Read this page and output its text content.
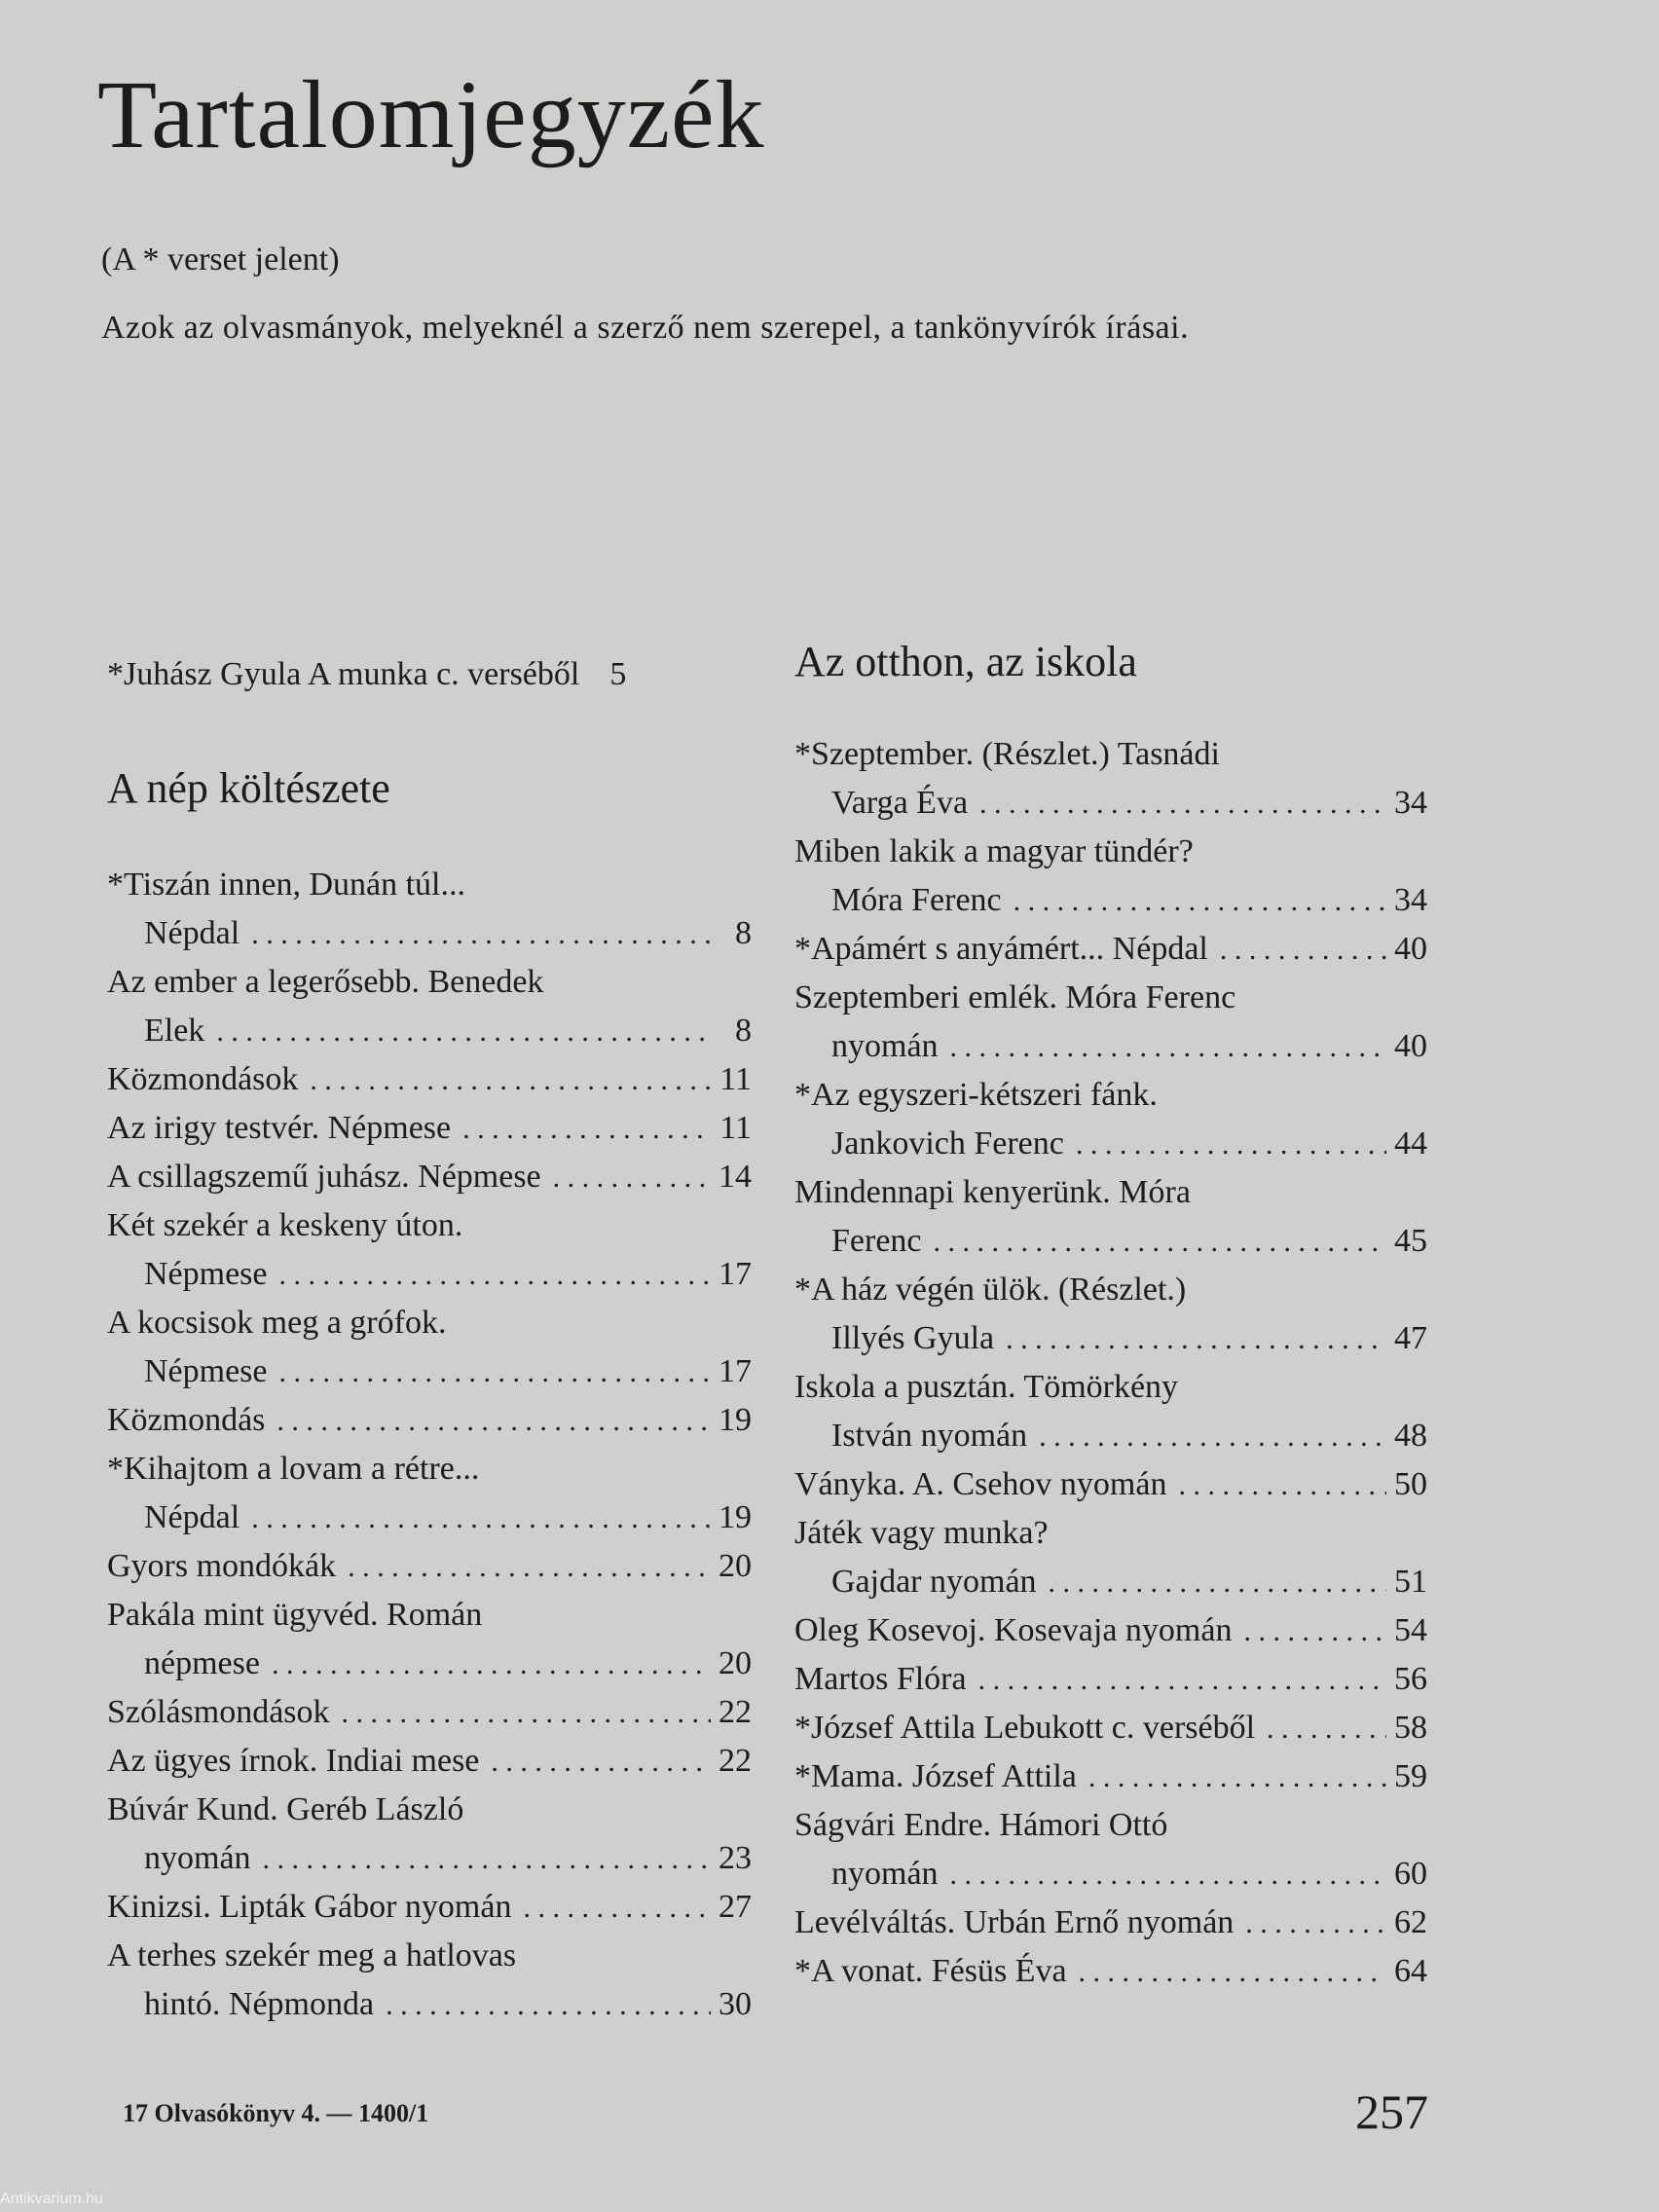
Tartalomjegyzék
(A * verset jelent)
Azok az olvasmányok, melyeknél a szerző nem szerepel, a tankönyvírók írásai.
*Juhász Gyula A munka c. verséből 5
A nép költészete
*Tiszán innen, Dunán túl...
Népdal . . .	8
Az ember a legerősebb. Benedek
Elek . . .	8
Közmondások . . .	11
Az irigy testvér. Népmese . . .	11
A csillagszemű juhász. Népmese . . .	14
Két szekér a keskeny úton.
Népmese . . .	17
A kocsisok meg a grófok.
Népmese . . .	17
Közmondás . . .	19
*Kihajtom a lovam a rétre...
Népdal . . .	19
Gyors mondókák . . .	20
Pakála mint ügyvéd. Román
népmese . . .	20
Szólásmondások . . .	22
Az ügyes írnok. Indiai mese . . .	22
Búvár Kund. Geréb László
nyomán . . .	23
Kinizsi. Lipták Gábor nyomán . . .	27
A terhes szekér meg a hatlovas
hintó. Népmonda . . .	30
Az otthon, az iskola
*Szeptember. (Részlet.) Tasnádi
Varga Éva . . .	34
Miben lakik a magyar tündér?
Móra Ferenc . . .	34
*Apámért s anyámért... Népdal . . .	40
Szeptemberi emlék. Móra Ferenc
nyomán . . .	40
*Az egyszeri-kétszeri fánk.
Jankovich Ferenc . . .	44
Mindennapi kenyerünk. Móra
Ferenc . . .	45
*A ház végén ülök. (Részlet.)
Illyés Gyula . . .	47
Iskola a pusztán. Tömörkény
István nyomán . . .	48
Ványka. A. Csehov nyomán . . .	50
Játék vagy munka?
Gajdar nyomán . . .	51
Oleg Kosevoj. Kosevaja nyomán . . .	54
Martos Flóra . . .	56
*József Attila Lebukott c. verséből . . .	58
*Mama. József Attila . . .	59
Ságvári Endre. Hámori Ottó
nyomán . . .	60
Levélváltás. Urbán Ernő nyomán . . .	62
*A vonat. Fésüs Éva . . .	64
17 Olvasókönyv 4. — 1400/1	257
Antikvarium.hu
